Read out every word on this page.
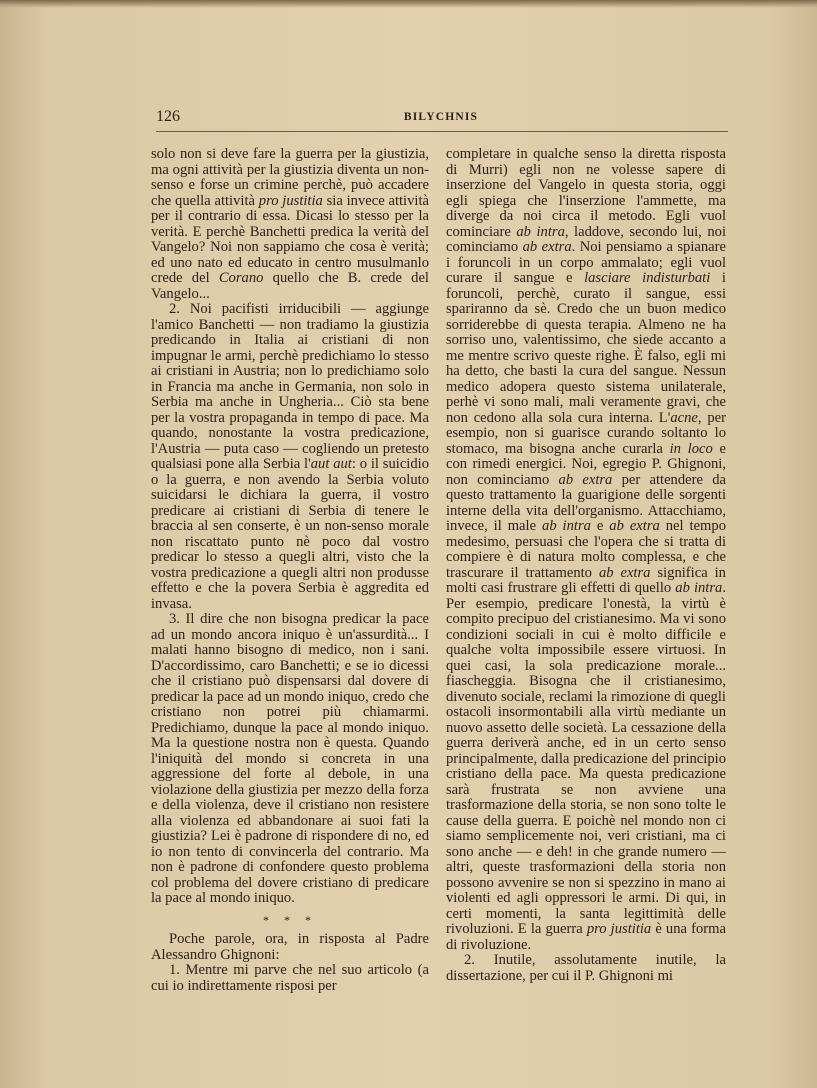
126	BILYCHNIS

solo non si deve fare la guerra per la giustizia, ma ogni attività per la giustizia diventa un non-senso e forse un crimine perchè, può accadere che quella attività pro justitia sia invece attività per il contrario di essa. Dicasi lo stesso per la verità. E perchè Banchetti predica la verità del Vangelo? Noi non sappiamo che cosa è verità; ed uno nato ed educato in centro musulmanlo crede del Corano quello che B. crede del Vangelo...

2. Noi pacifisti irriducibili — aggiunge l'amico Banchetti — non tradiamo la giustizia predicando in Italia ai cristiani di non impugnar le armi, perchè predichiamo lo stesso ai cristiani in Austria; non lo predichiamo solo in Francia ma anche in Germania, non solo in Serbia ma anche in Ungheria... Ciò sta bene per la vostra propaganda in tempo di pace. Ma quando, nonostante la vostra predicazione, l'Austria — puta caso — cogliendo un pretesto qualsiasi pone alla Serbia l'aut aut: o il suicidio o la guerra, e non avendo la Serbia voluto suicidarsi le dichiara la guerra, il vostro predicare ai cristiani di Serbia di tenere le braccia al sen conserte, è un non-senso morale non riscattato punto nè poco dal vostro predicar lo stesso a quegli altri, visto che la vostra predicazione a quegli altri non produsse effetto e che la povera Serbia è aggredita ed invasa.

3. Il dire che non bisogna predicar la pace ad un mondo ancora iniquo è un'assurdità... I malati hanno bisogno di medico, non i sani. D'accordissimo, caro Banchetti; e se io dicessi che il cristiano può dispensarsi dal dovere di predicar la pace ad un mondo iniquo, credo che cristiano non potrei più chiamarmi. Predichiamo, dunque la pace al mondo iniquo. Ma la questione nostra non è questa. Quando l'iniquità del mondo si concreta in una aggressione del forte al debole, in una violazione della giustizia per mezzo della forza e della violenza, deve il cristiano non resistere alla violenza ed abbandonare ai suoi fati la giustizia? Lei è padrone di rispondere di no, ed io non tento di convincerla del contrario. Ma non è padrone di confondere questo problema col problema del dovere cristiano di predicare la pace al mondo iniquo.

* * *

Poche parole, ora, in risposta al Padre Alessandro Ghignoni:

1. Mentre mi parve che nel suo articolo (a cui io indirettamente risposi per

completare in qualche senso la diretta risposta di Murri) egli non ne volesse sapere di inserzione del Vangelo in questa storia, oggi egli spiega che l'inserzione l'ammette, ma diverge da noi circa il metodo. Egli vuol cominciare ab intra, laddove, secondo lui, noi cominciamo ab extra. Noi pensiamo a spianare i foruncoli in un corpo ammalato; egli vuol curare il sangue e lasciare indisturbati i foruncoli, perchè, curato il sangue, essi spariranno da sè. Credo che un buon medico sorriderebbe di questa terapia. Almeno ne ha sorriso uno, valentissimo, che siede accanto a me mentre scrivo queste righe. È falso, egli mi ha detto, che basti la cura del sangue. Nessun medico adopera questo sistema unilaterale, perhè vi sono mali, mali veramente gravi, che non cedono alla sola cura interna. L'acne, per esempio, non si guarisce curando soltanto lo stomaco, ma bisogna anche curarla in loco e con rimedi energici. Noi, egregio P. Ghignoni, non cominciamo ab extra per attendere da questo trattamento la guarigione delle sorgenti interne della vita dell'organismo. Attacchiamo, invece, il male ab intra e ab extra nel tempo medesimo, persuasi che l'opera che si tratta di compiere è di natura molto complessa, e che trascurare il trattamento ab extra significa in molti casi frustrare gli effetti di quello ab intra. Per esempio, predicare l'onestà, la virtù è compito precipuo del cristianesimo. Ma vi sono condizioni sociali in cui è molto difficile e qualche volta impossibile essere virtuosi. In quei casi, la sola predicazione morale... fiascheggia. Bisogna che il cristianesimo, divenuto sociale, reclami la rimozione di quegli ostacoli insormontabili alla virtù mediante un nuovo assetto delle società. La cessazione della guerra deriverà anche, ed in un certo senso principalmente, dalla predicazione del principio cristiano della pace. Ma questa predicazione sarà frustrata se non avviene una trasformazione della storia, se non sono tolte le cause della guerra. E poichè nel mondo non ci siamo semplicemente noi, veri cristiani, ma ci sono anche — e deh! in che grande numero — altri, queste trasformazioni della storia non possono avvenire se non si spezzino in mano ai violenti ed agli oppressori le armi. Di qui, in certi momenti, la santa legittimità delle rivoluzioni. E la guerra pro justitia è una forma di rivoluzione.

2. Inutile, assolutamente inutile, la dissertazione, per cui il P. Ghignoni mi
